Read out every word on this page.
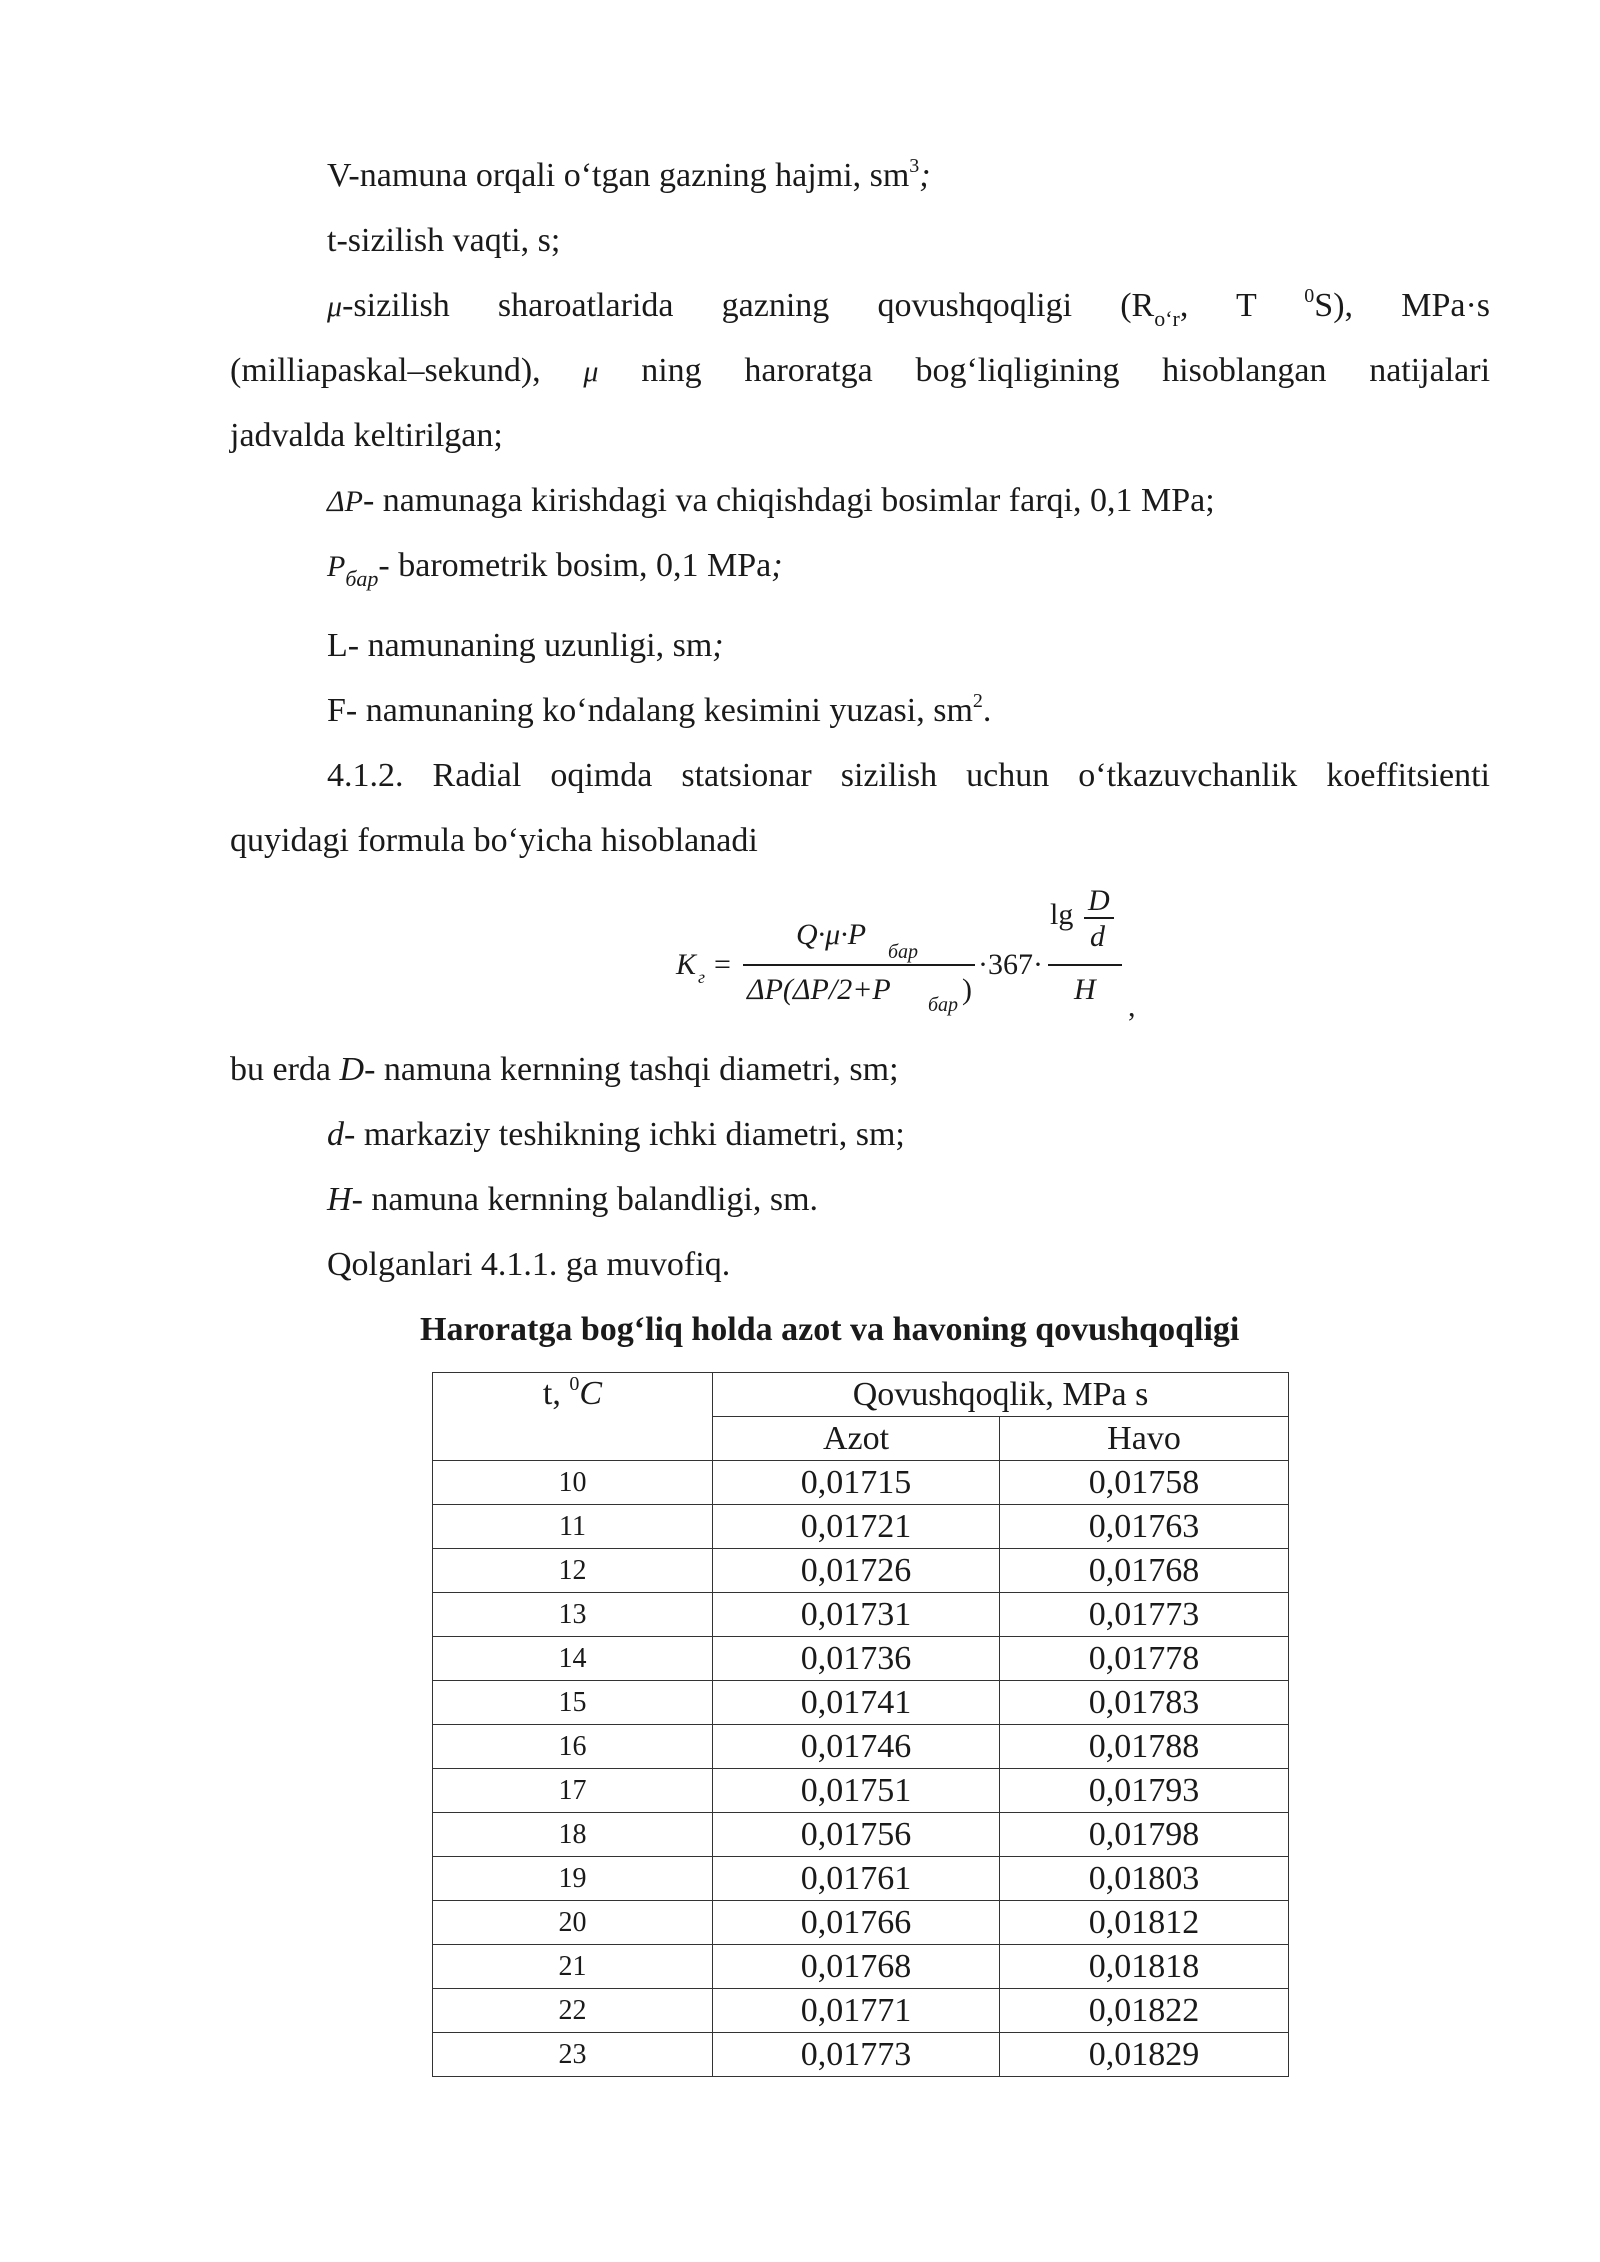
V-namuna orqali o‘tgan gazning hajmi, $sm^3$;
t-sizilish vaqti, s;
μ-sizilish sharoatlarida gazning qovushqoqligi ($R_{o‘r}$, T $^0$S), MPa·s
(milliapaskal–sekund), μ ning haroratga bog‘liqligining hisoblangan natijalari
jadvalda keltirilgan;
ΔP- namunaga kirishdagi va chiqishdagi bosimlar farqi, 0,1 MPa;
$P_{бар}-$ barometrik bosim, 0,1 MPa;
L- namunaning uzunligi, sm;
F- namunaning ko‘ndalang kesimini yuzasi, $sm^2$.
4.1.2. Radial oqimda statsionar sizilish uchun o‘tkazuvchanlik koeffitsienti
quyidagi formula bo‘yicha hisoblanadi
K г =
Q·μ·P
бар
ΔP(ΔP/2+P бар )
·367·
lg D
d
H
,
bu erda D- namuna kernning tashqi diametri, sm;
d- markaziy teshikning ichki diametri, sm;
H- namuna kernning balandligi, sm.
Qolganlari 4.1.1. ga muvofiq.
Haroratga bog‘liq holda azot va havoning qovushqoqligi
t, $^0$C	Qovushqoqlik, MPa s	
	Azot	Havo
10	0,01715	0,01758
11	0,01721	0,01763
12	0,01726	0,01768
13	0,01731	0,01773
14	0,01736	0,01778
15	0,01741	0,01783
16	0,01746	0,01788
17	0,01751	0,01793
18	0,01756	0,01798
19	0,01761	0,01803
20	0,01766	0,01812
21	0,01768	0,01818
22	0,01771	0,01822
23	0,01773	0,01829
